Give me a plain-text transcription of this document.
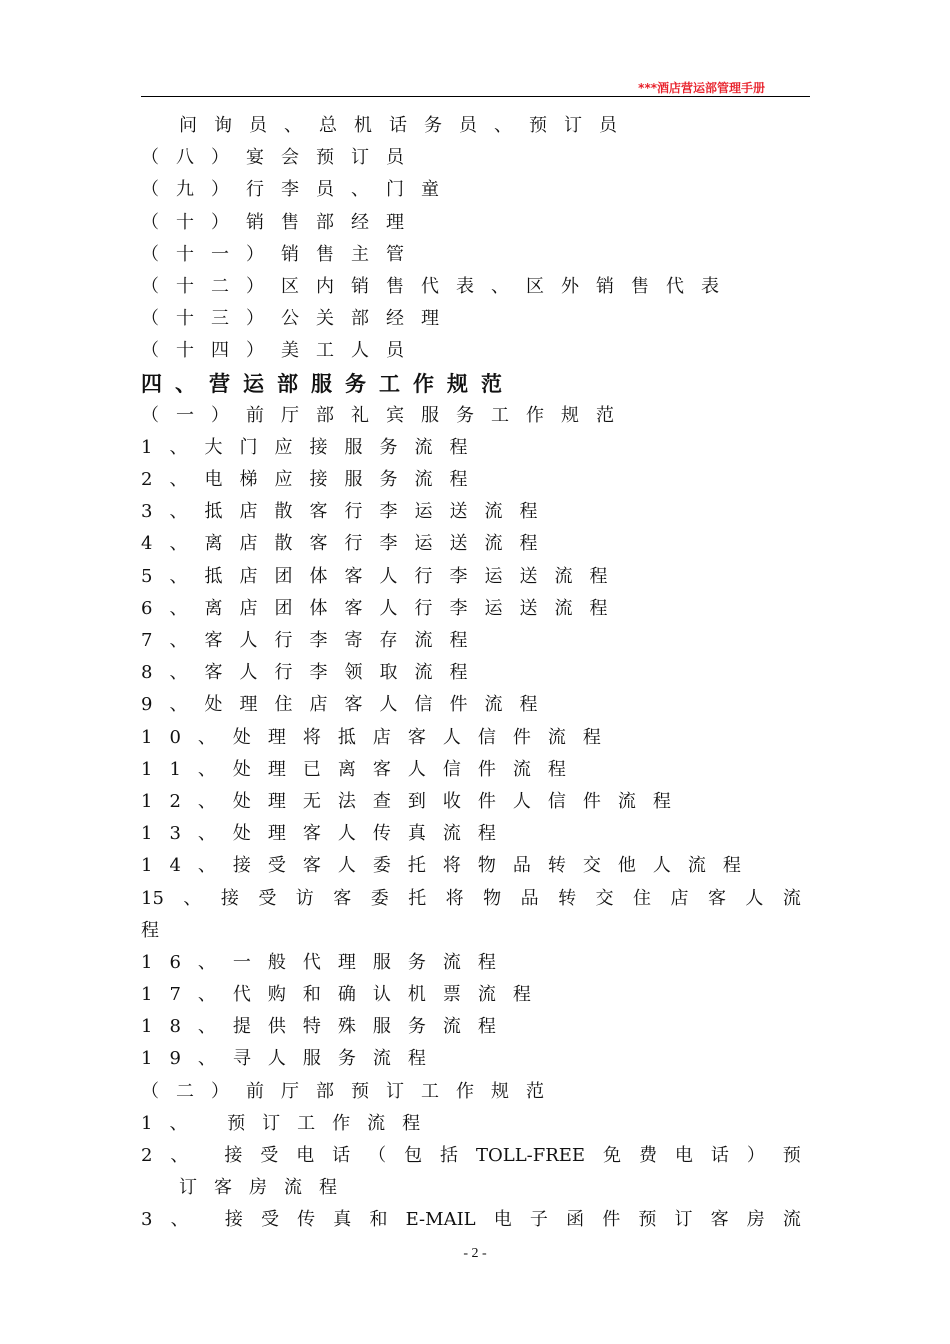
***酒店营运部管理手册
问询员、总机话务员、预订员
（八）宴会预订员
（九）行李员、门童
（十）销售部经理
（十一）销售主管
（十二）区内销售代表、区外销售代表
（十三）公关部经理
（十四）美工人员
四、营运部服务工作规范
（一）前厅部礼宾服务工作规范
1、大门应接服务流程
2、电梯应接服务流程
3、抵店散客行李运送流程
4、离店散客行李运送流程
5、抵店团体客人行李运送流程
6、离店团体客人行李运送流程
7、客人行李寄存流程
8、客人行李领取流程
9、处理住店客人信件流程
10、处理将抵店客人信件流程
11、处理已离客人信件流程
12、处理无法查到收件人信件流程
13、处理客人传真流程
14、接受客人委托将物品转交他人流程
15 、 接 受 访 客 委 托 将 物 品 转 交 住 店 客 人 流
程
16、一般代理服务流程
17、代购和确认机票流程
18、提供特殊服务流程
19、寻人服务流程
（二）前厅部预订工作规范
1、 预订工作流程
2 、 接 受 电 话 （ 包 括 TOLL-FREE 免 费 电 话 ） 预
订客房流程
3 、 接 受 传 真 和 E-MAIL 电 子 函 件 预 订 客 房 流
- 2 -
